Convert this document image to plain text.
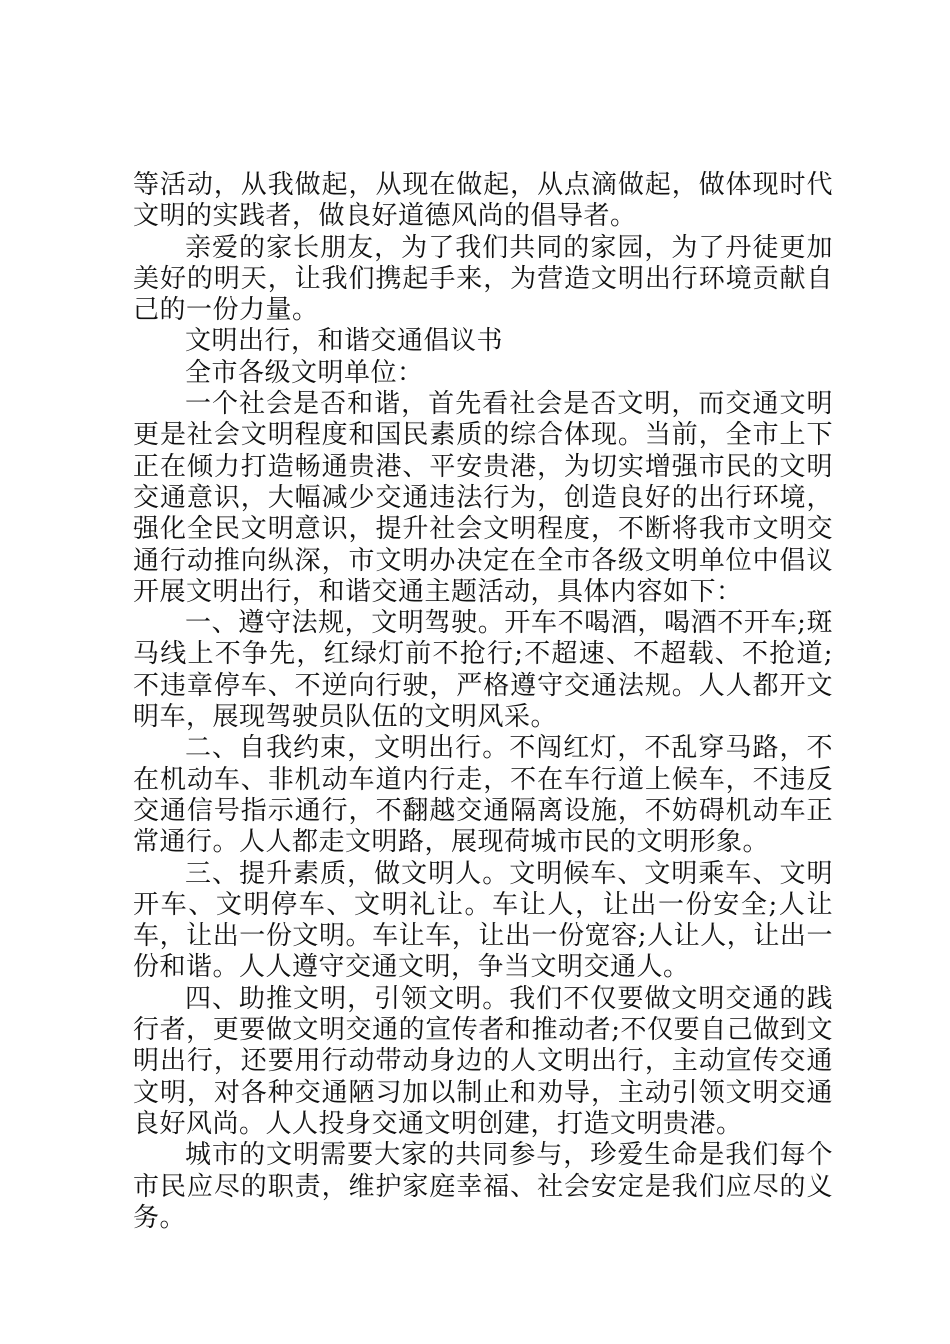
等活动，从我做起，从现在做起，从点滴做起，做体现时代文明的实践者，做良好道德风尚的倡导者。

亲爱的家长朋友，为了我们共同的家园，为了丹徒更加美好的明天，让我们携起手来，为营造文明出行环境贡献自己的一份力量。

文明出行，和谐交通倡议书

全市各级文明单位：

一个社会是否和谐，首先看社会是否文明，而交通文明更是社会文明程度和国民素质的综合体现。当前，全市上下正在倾力打造畅通贵港、平安贵港，为切实增强市民的文明交通意识，大幅减少交通违法行为，创造良好的出行环境，强化全民文明意识，提升社会文明程度，不断将我市文明交通行动推向纵深，市文明办决定在全市各级文明单位中倡议开展文明出行，和谐交通主题活动，具体内容如下：

一、遵守法规，文明驾驶。开车不喝酒，喝酒不开车;斑马线上不争先，红绿灯前不抢行;不超速、不超载、不抢道;不违章停车、不逆向行驶，严格遵守交通法规。人人都开文明车，展现驾驶员队伍的文明风采。

二、自我约束，文明出行。不闯红灯，不乱穿马路，不在机动车、非机动车道内行走，不在车行道上候车，不违反交通信号指示通行，不翻越交通隔离设施，不妨碍机动车正常通行。人人都走文明路，展现荷城市民的文明形象。

三、提升素质，做文明人。文明候车、文明乘车、文明开车、文明停车、文明礼让。车让人，让出一份安全;人让车，让出一份文明。车让车，让出一份宽容;人让人，让出一份和谐。人人遵守交通文明，争当文明交通人。

四、助推文明，引领文明。我们不仅要做文明交通的践行者，更要做文明交通的宣传者和推动者;不仅要自己做到文明出行，还要用行动带动身边的人文明出行，主动宣传交通文明，对各种交通陋习加以制止和劝导，主动引领文明交通良好风尚。人人投身交通文明创建，打造文明贵港。

城市的文明需要大家的共同参与，珍爱生命是我们每个市民应尽的职责，维护家庭幸福、社会安定是我们应尽的义务。
